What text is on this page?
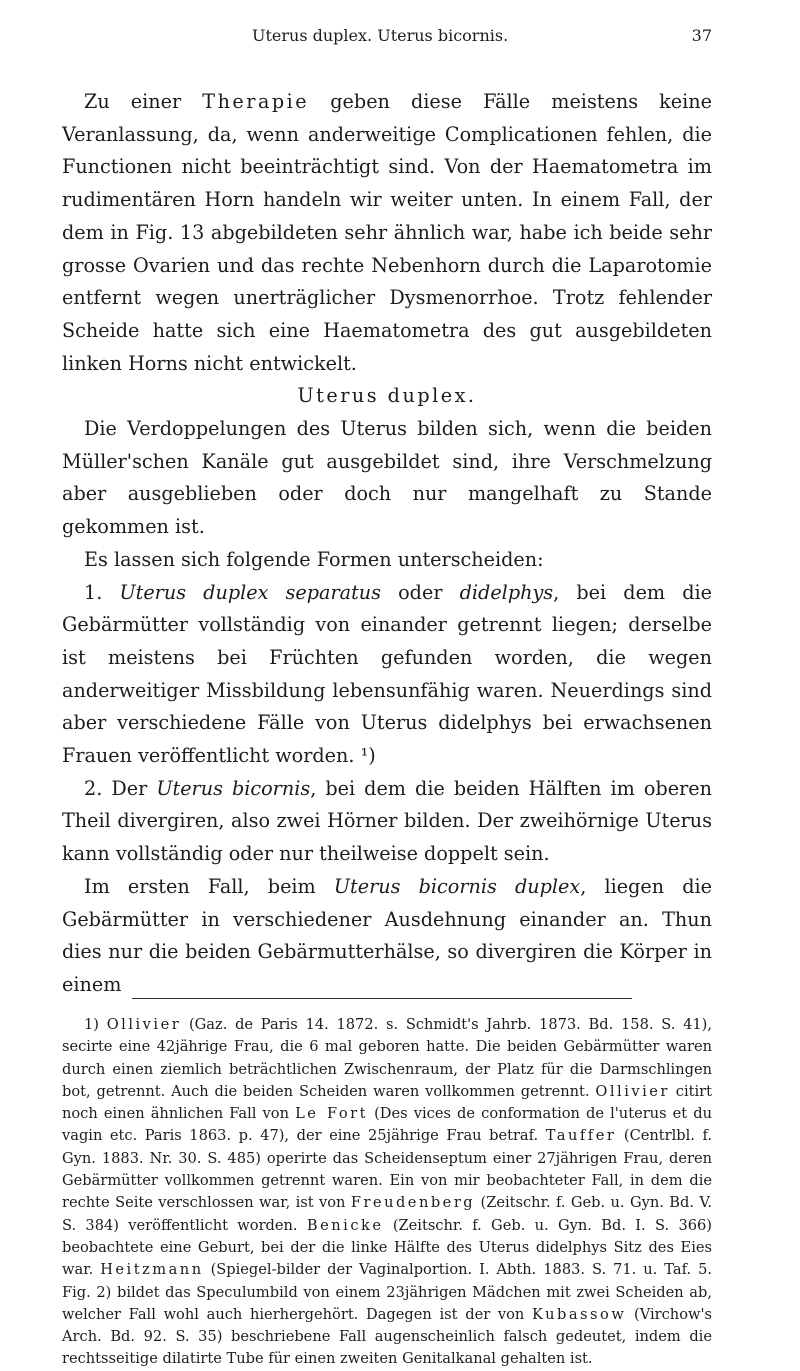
Uterus duplex. Uterus bicornis.	37

Zu einer Therapie geben diese Fälle meistens keine Veranlassung, da, wenn anderweitige Complicationen fehlen, die Functionen nicht beeinträchtigt sind. Von der Haematometra im rudimentären Horn handeln wir weiter unten. In einem Fall, der dem in Fig. 13 abgebildeten sehr ähnlich war, habe ich beide sehr grosse Ovarien und das rechte Nebenhorn durch die Laparotomie entfernt wegen unerträglicher Dysmenorrhoe. Trotz fehlender Scheide hatte sich eine Haematometra des gut ausgebildeten linken Horns nicht entwickelt.

Uterus duplex.

Die Verdoppelungen des Uterus bilden sich, wenn die beiden Müller'schen Kanäle gut ausgebildet sind, ihre Verschmelzung aber ausgeblieben oder doch nur mangelhaft zu Stande gekommen ist.

Es lassen sich folgende Formen unterscheiden:

1. Uterus duplex separatus oder didelphys, bei dem die Gebärmütter vollständig von einander getrennt liegen; derselbe ist meistens bei Früchten gefunden worden, die wegen anderweitiger Missbildung lebensunfähig waren. Neuerdings sind aber verschiedene Fälle von Uterus didelphys bei erwachsenen Frauen veröffentlicht worden. ¹)

2. Der Uterus bicornis, bei dem die beiden Hälften im oberen Theil divergiren, also zwei Hörner bilden. Der zweihörnige Uterus kann vollständig oder nur theilweise doppelt sein.

Im ersten Fall, beim Uterus bicornis duplex, liegen die Gebärmütter in verschiedener Ausdehnung einander an. Thun dies nur die beiden Gebärmutterhälse, so divergiren die Körper in einem

1) Ollivier (Gaz. de Paris 14. 1872. s. Schmidt's Jahrb. 1873. Bd. 158. S. 41), secirte eine 42jährige Frau, die 6 mal geboren hatte. Die beiden Gebärmütter waren durch einen ziemlich beträchtlichen Zwischenraum, der Platz für die Darmschlingen bot, getrennt. Auch die beiden Scheiden waren vollkommen getrennt. Ollivier citirt noch einen ähnlichen Fall von Le Fort (Des vices de conformation de l'uterus et du vagin etc. Paris 1863. p. 47), der eine 25jährige Frau betraf. Tauffer (Centrlbl. f. Gyn. 1883. Nr. 30. S. 485) operirte das Scheidenseptum einer 27jährigen Frau, deren Gebärmütter vollkommen getrennt waren. Ein von mir beobachteter Fall, in dem die rechte Seite verschlossen war, ist von Freudenberg (Zeitschr. f. Geb. u. Gyn. Bd. V. S. 384) veröffentlicht worden. Benicke (Zeitschr. f. Geb. u. Gyn. Bd. I. S. 366) beobachtete eine Geburt, bei der die linke Hälfte des Uterus didelphys Sitz des Eies war. Heitzmann (Spiegel-bilder der Vaginalportion. I. Abth. 1883. S. 71. u. Taf. 5. Fig. 2) bildet das Speculumbild von einem 23jährigen Mädchen mit zwei Scheiden ab, welcher Fall wohl auch hierhergehört. Dagegen ist der von Kubassow (Virchow's Arch. Bd. 92. S. 35) beschriebene Fall augenscheinlich falsch gedeutet, indem die rechtsseitige dilatirte Tube für einen zweiten Genitalkanal gehalten ist.
